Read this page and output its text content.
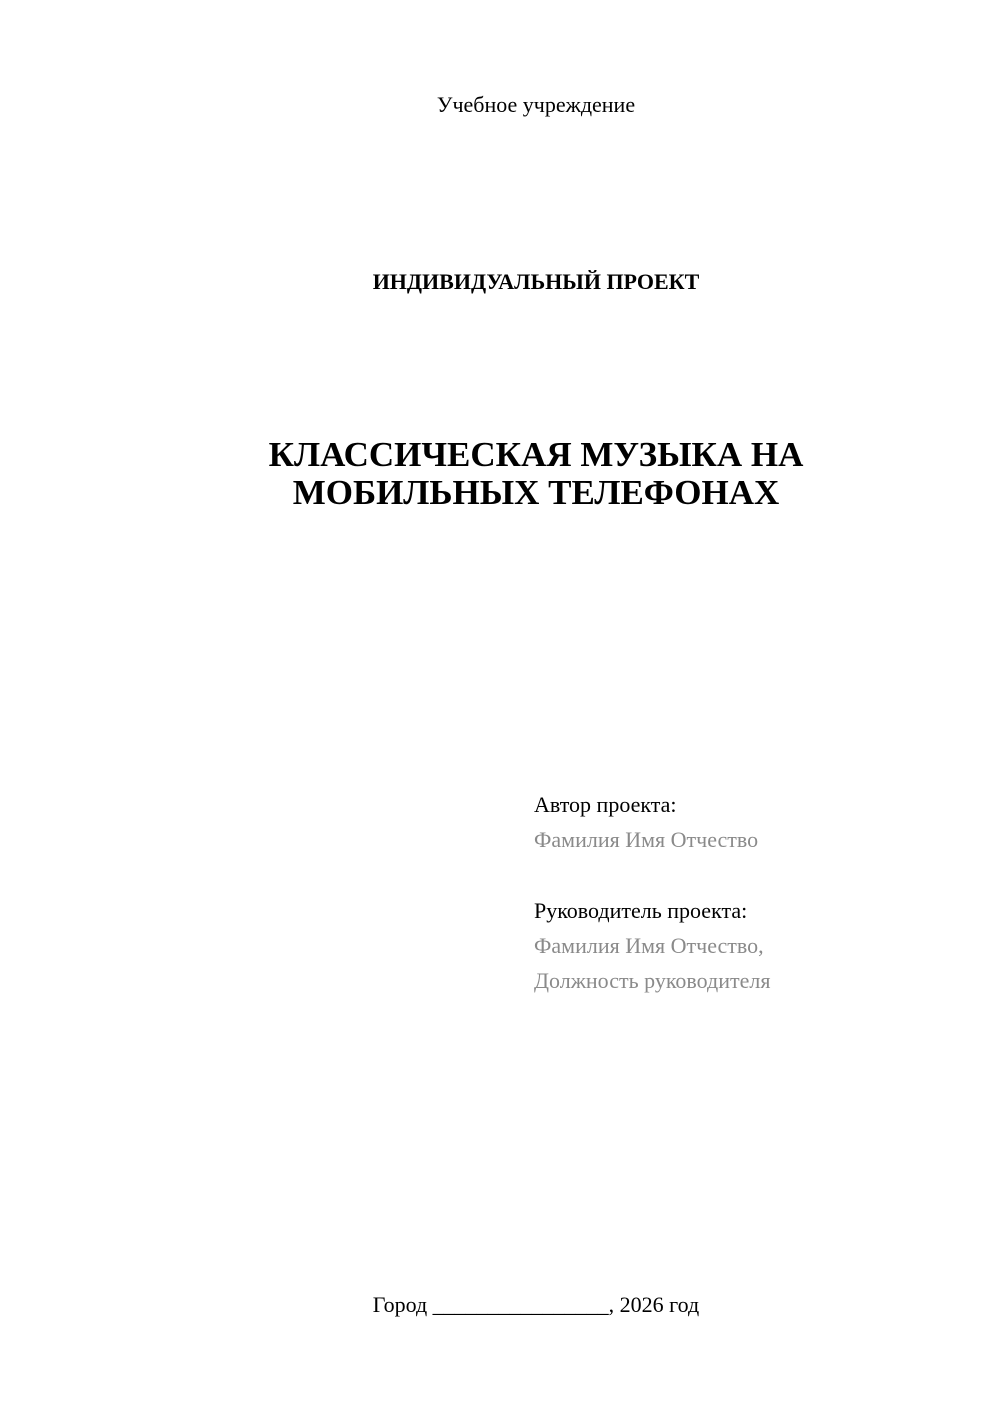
Учебное учреждение
ИНДИВИДУАЛЬНЫЙ ПРОЕКТ
КЛАССИЧЕСКАЯ МУЗЫКА НА
МОБИЛЬНЫХ ТЕЛЕФОНАХ
Автор проекта:
Фамилия Имя Отчество
Руководитель проекта:
Фамилия Имя Отчество,
Должность руководителя
Город ________________, 2026 год
